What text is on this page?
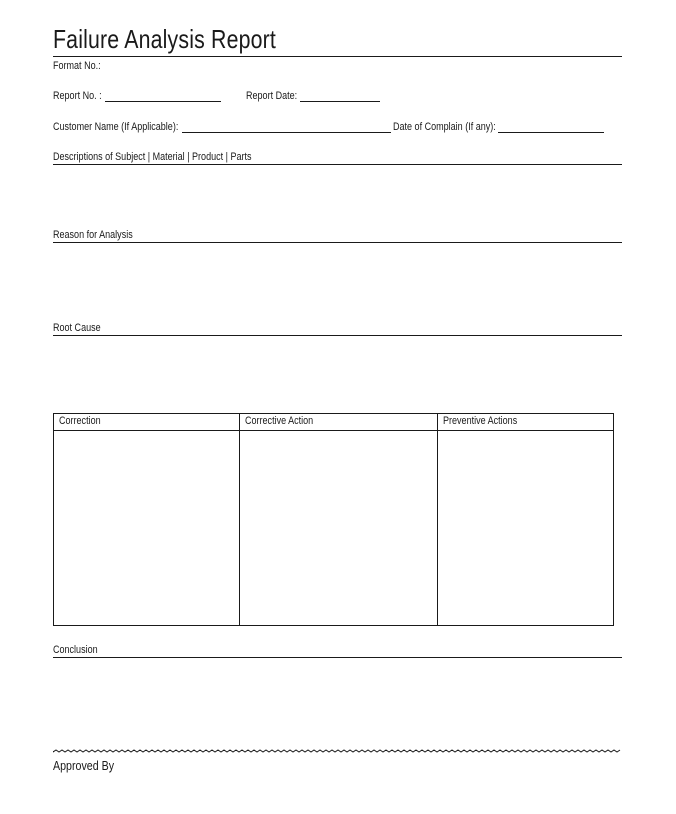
Failure Analysis Report
Format No.:
Report No. :	Report Date:
Customer Name (If Applicable):	Date of Complain (If any):
Descriptions of Subject | Material | Product | Parts
Reason for Analysis
Root Cause
Correction	Corrective Action	Preventive Actions
Conclusion
Approved By
